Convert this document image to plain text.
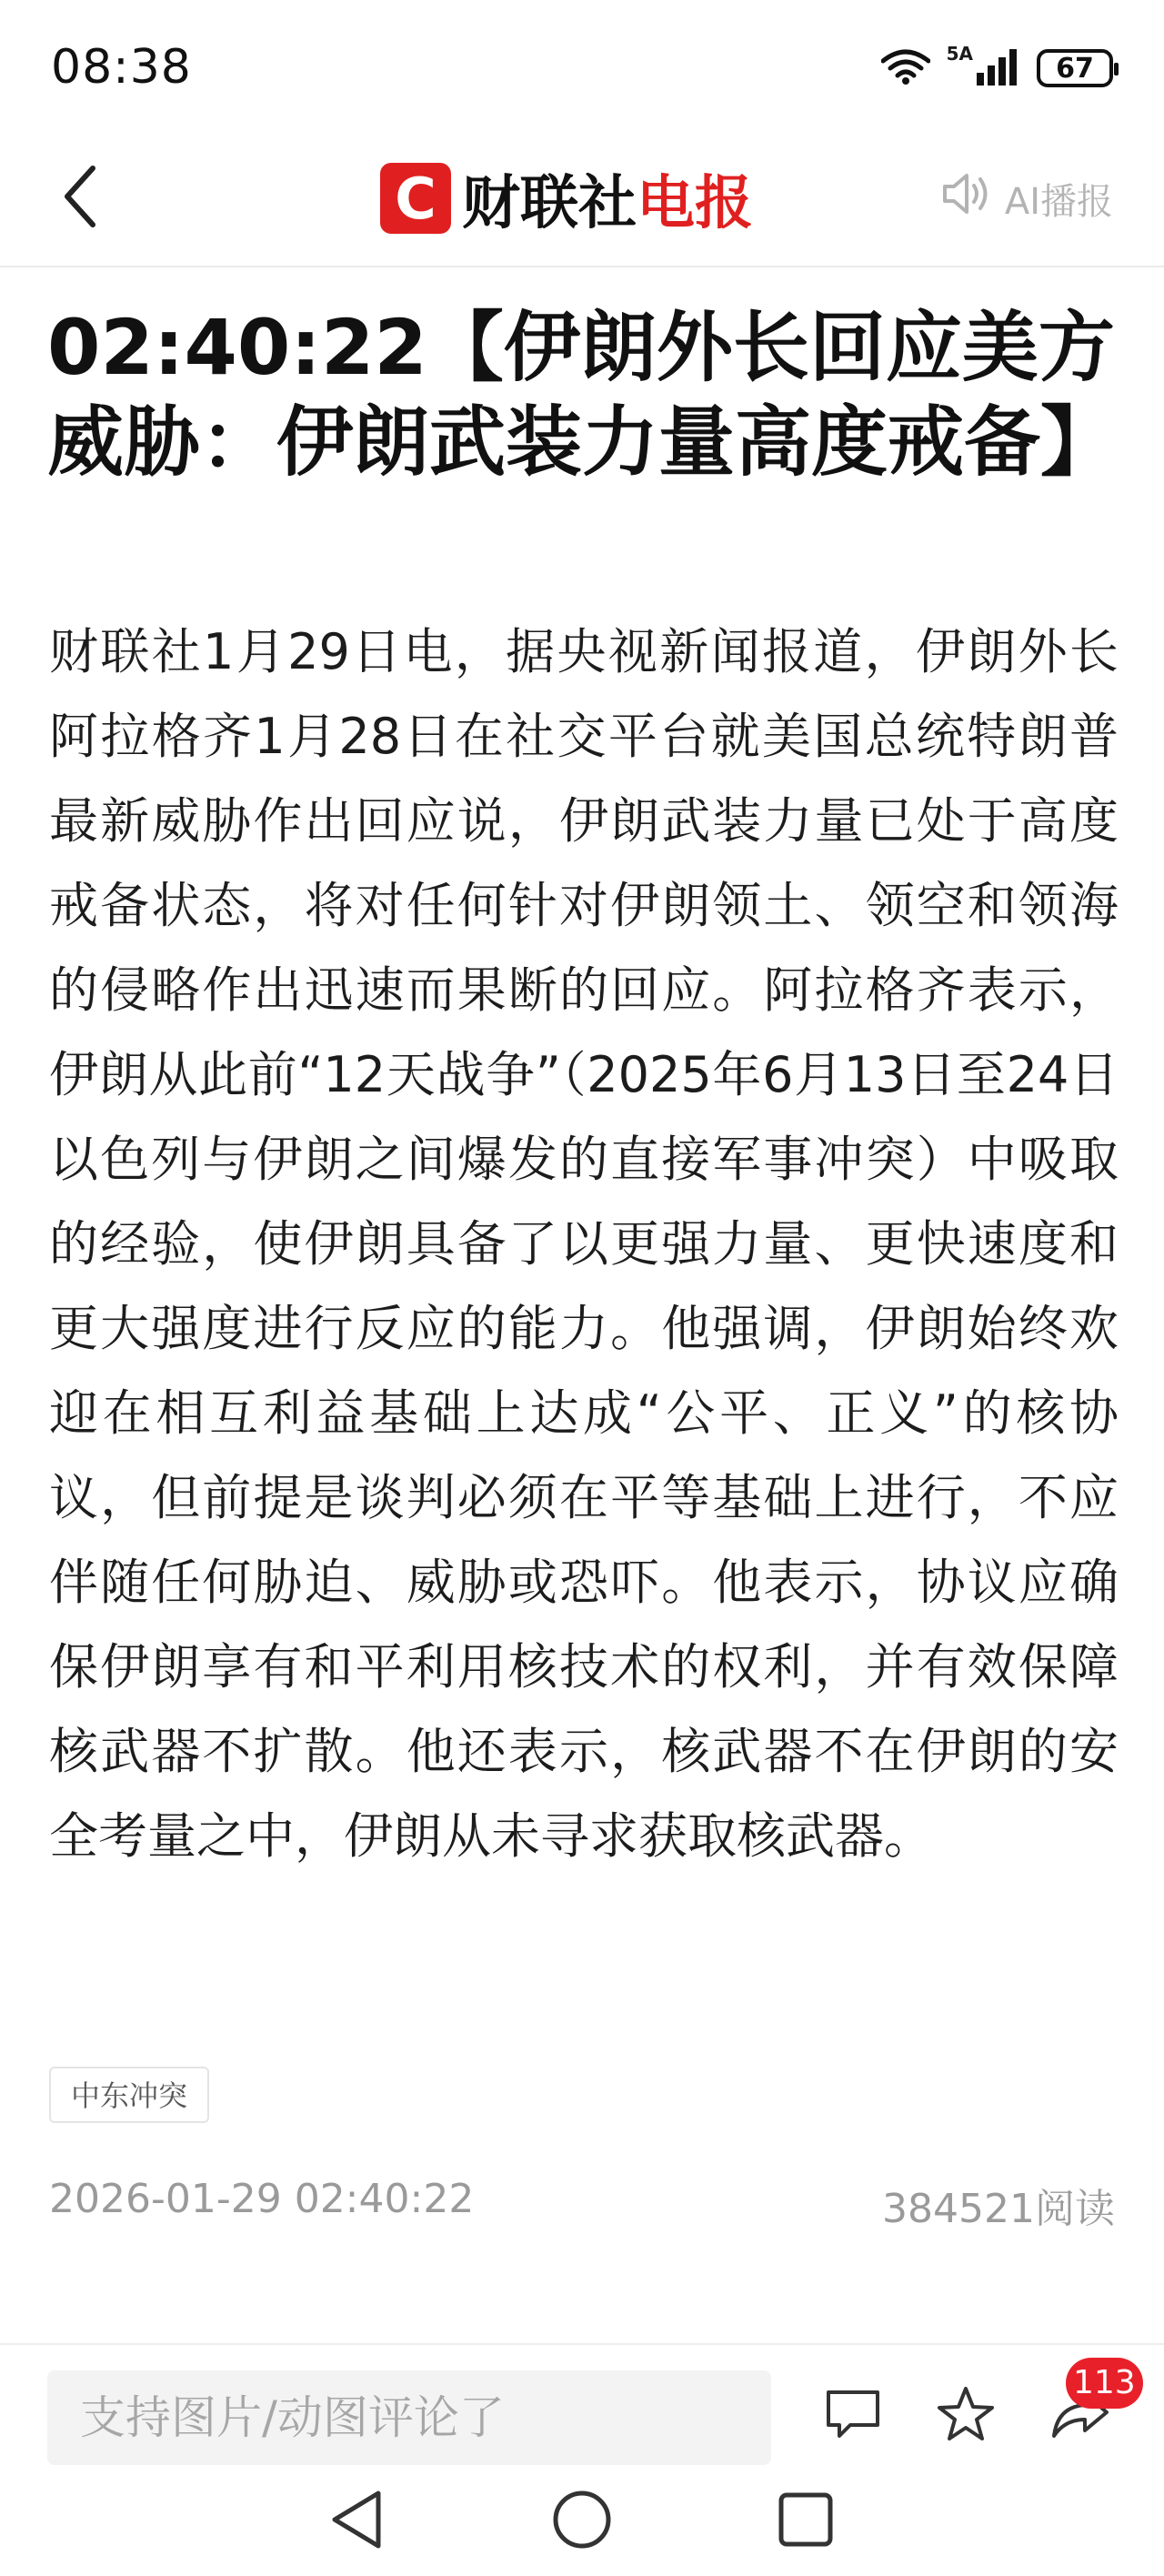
08:38	5A	67
C 财联社电报	AI播报
02:40:22【伊朗外长回应美方威胁：伊朗武装力量高度戒备】

财联社1月29日电，据央视新闻报道，伊朗外长阿拉格齐1月28日在社交平台就美国总统特朗普最新威胁作出回应说，伊朗武装力量已处于高度戒备状态，将对任何针对伊朗领土、领空和领海的侵略作出迅速而果断的回应。阿拉格齐表示，伊朗从此前“12天战争”（2025年6月13日至24日以色列与伊朗之间爆发的直接军事冲突）中吸取的经验，使伊朗具备了以更强力量、更快速度和更大强度进行反应的能力。他强调，伊朗始终欢迎在相互利益基础上达成“公平、正义”的核协议，但前提是谈判必须在平等基础上进行，不应伴随任何胁迫、威胁或恐吓。他表示，协议应确保伊朗享有和平利用核技术的权利，并有效保障核武器不扩散。他还表示，核武器不在伊朗的安全考量之中，伊朗从未寻求获取核武器。

中东冲突
2026-01-29 02:40:22	384521阅读
支持图片/动图评论了
113
